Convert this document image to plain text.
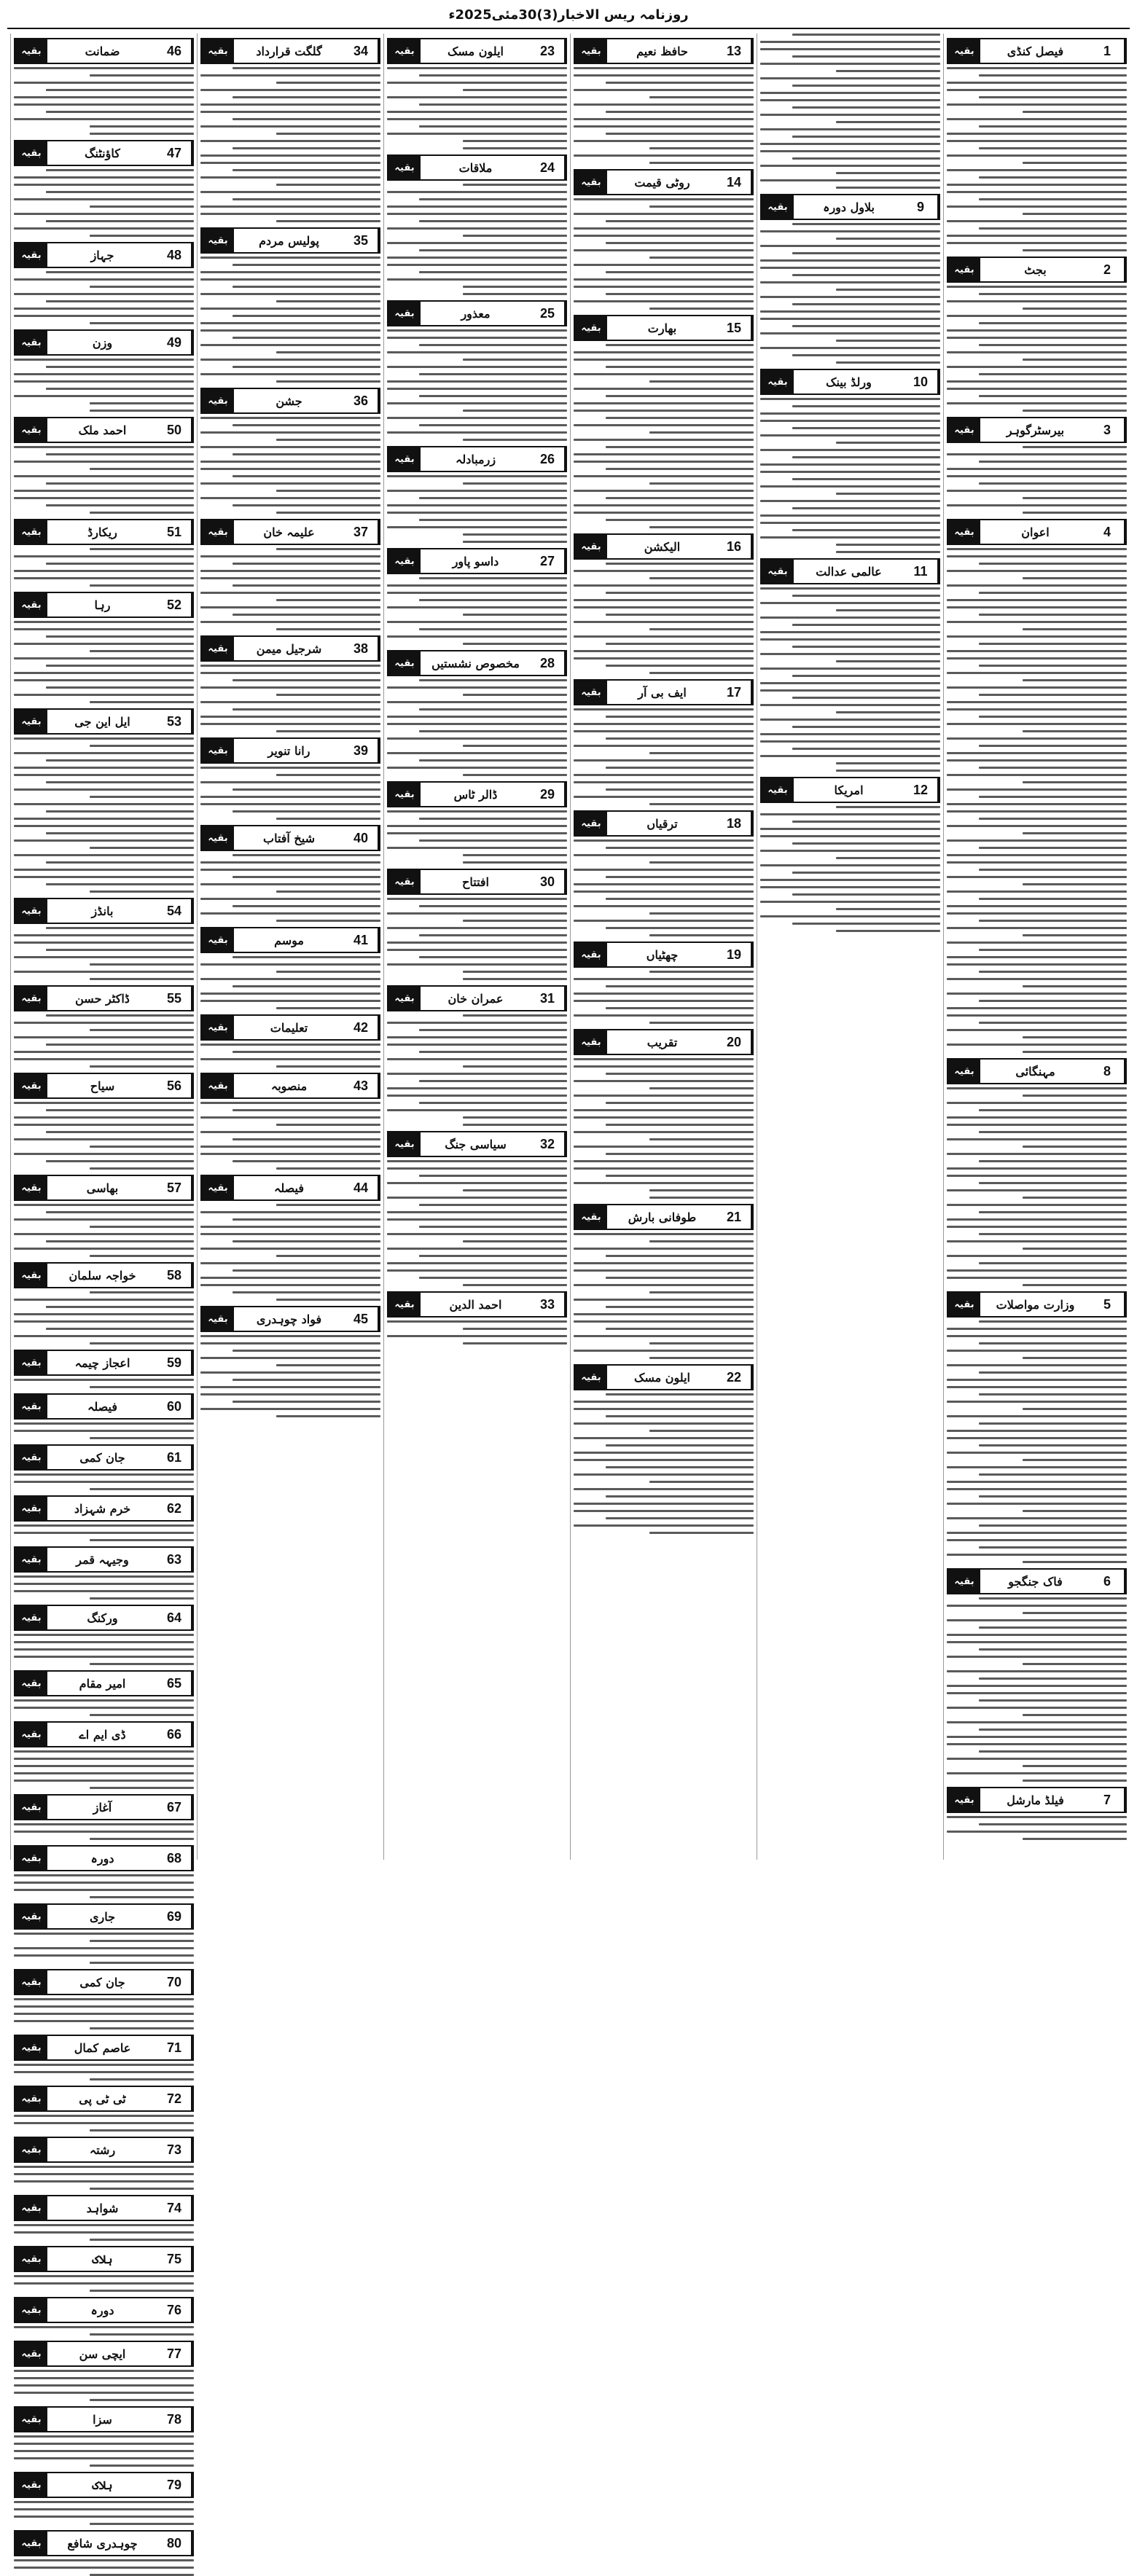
روزنامہ ریس الاخبار(3)30مئی2025ء
1
فیصل کنڈی
بقیہ
2
بجٹ
بقیہ
3
بیرسٹرگوہر
بقیہ
4
اعوان
بقیہ
8
مہنگائی
بقیہ
5
وزارت مواصلات
بقیہ
6
فاک جنگجو
بقیہ
7
فیلڈ مارشل
بقیہ
9
بلاول دورہ
بقیہ
10
ورلڈ بینک
بقیہ
11
عالمی عدالت
بقیہ
12
امریکا
بقیہ
13
حافظ نعیم
بقیہ
14
روٹی قیمت
بقیہ
15
بھارت
بقیہ
16
الیکشن
بقیہ
17
ایف بی آر
بقیہ
18
ترقیاں
بقیہ
19
چھٹیاں
بقیہ
20
تقریب
بقیہ
21
طوفانی بارش
بقیہ
22
ایلون مسک
بقیہ
23
ایلون مسک
بقیہ
24
ملاقات
بقیہ
25
معذور
بقیہ
26
زرمبادلہ
بقیہ
27
داسو پاور
بقیہ
28
مخصوص نشستیں
بقیہ
29
ڈالر ٹاس
بقیہ
30
افتتاح
بقیہ
31
عمران خان
بقیہ
32
سیاسی جنگ
بقیہ
33
احمد الدین
بقیہ
34
گلگت قرارداد
بقیہ
35
پولیس مردم
بقیہ
36
جشن
بقیہ
37
علیمہ خان
بقیہ
38
شرجیل میمن
بقیہ
39
رانا تنویر
بقیہ
40
شیخ آفتاب
بقیہ
41
موسم
بقیہ
42
تعلیمات
بقیہ
43
منصوبہ
بقیہ
44
فیصلہ
بقیہ
45
فواد چوہدری
بقیہ
46
ضمانت
بقیہ
47
کاؤنٹنگ
بقیہ
48
جہاز
بقیہ
49
وزن
بقیہ
50
احمد ملک
بقیہ
51
ریکارڈ
بقیہ
52
رہا
بقیہ
53
ایل این جی
بقیہ
54
بانڈز
بقیہ
55
ڈاکٹر حسن
بقیہ
56
سیاح
بقیہ
57
بھاسی
بقیہ
58
خواجہ سلمان
بقیہ
59
اعجاز چیمہ
بقیہ
60
فیصلہ
بقیہ
61
جان کمی
بقیہ
62
خرم شہزاد
بقیہ
63
وجیہہ قمر
بقیہ
64
ورکنگ
بقیہ
65
امیر مقام
بقیہ
66
ڈی ایم اے
بقیہ
67
آغاز
بقیہ
68
دورہ
بقیہ
69
جاری
بقیہ
70
جان کمی
بقیہ
71
عاصم کمال
بقیہ
72
ٹی ٹی پی
بقیہ
73
رشتہ
بقیہ
74
شواہد
بقیہ
75
ہلاک
بقیہ
76
دورہ
بقیہ
77
ایچی سن
بقیہ
78
سزا
بقیہ
79
ہلاک
بقیہ
80
چوہدری شافع
بقیہ
